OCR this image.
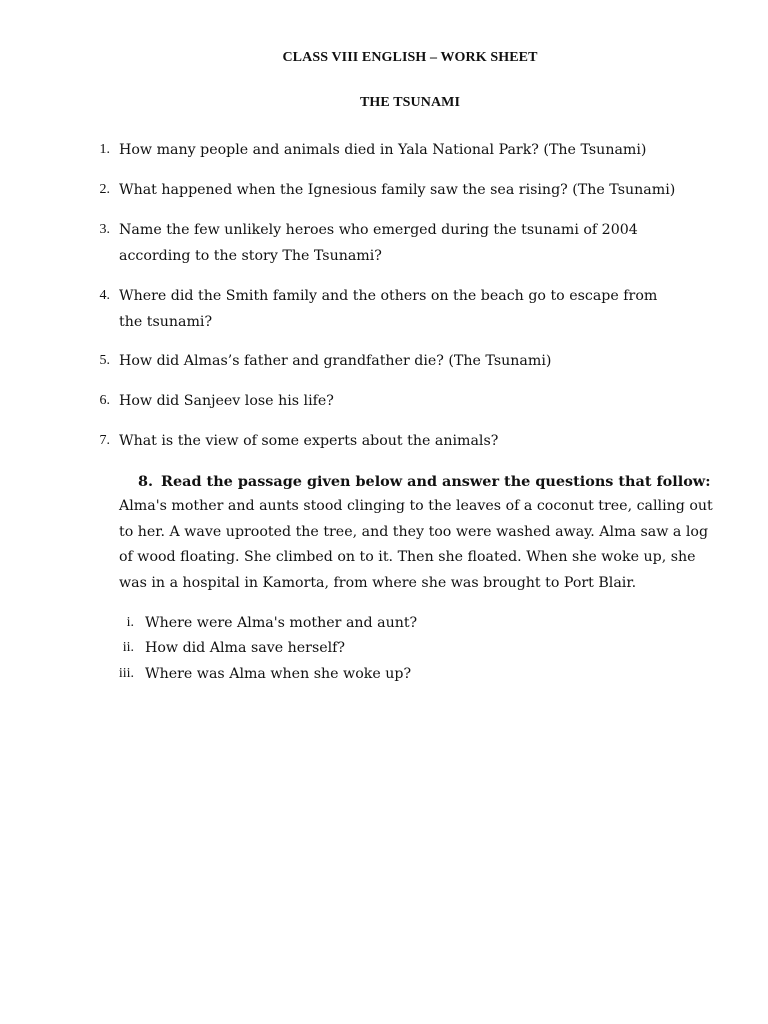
CLASS VIII ENGLISH – WORK SHEET
THE TSUNAMI
1. How many people and animals died in Yala National Park? (The Tsunami)
2. What happened when the Ignesious family saw the sea rising? (The Tsunami)
3. Name the few unlikely heroes who emerged during the tsunami of 2004
according to the story The Tsunami?
4. Where did the Smith family and the others on the beach go to escape from
the tsunami?
5. How did Almas’s father and grandfather die? (The Tsunami)
6. How did Sanjeev lose his life?
7. What is the view of some experts about the animals?
8. Read the passage given below and answer the questions that follow:
Alma's mother and aunts stood clinging to the leaves of a coconut tree, calling out
to her. A wave uprooted the tree, and they too were washed away. Alma saw a log
of wood floating. She climbed on to it. Then she floated. When she woke up, she
was in a hospital in Kamorta, from where she was brought to Port Blair.
i. Where were Alma's mother and aunt?
ii. How did Alma save herself?
iii. Where was Alma when she woke up?
